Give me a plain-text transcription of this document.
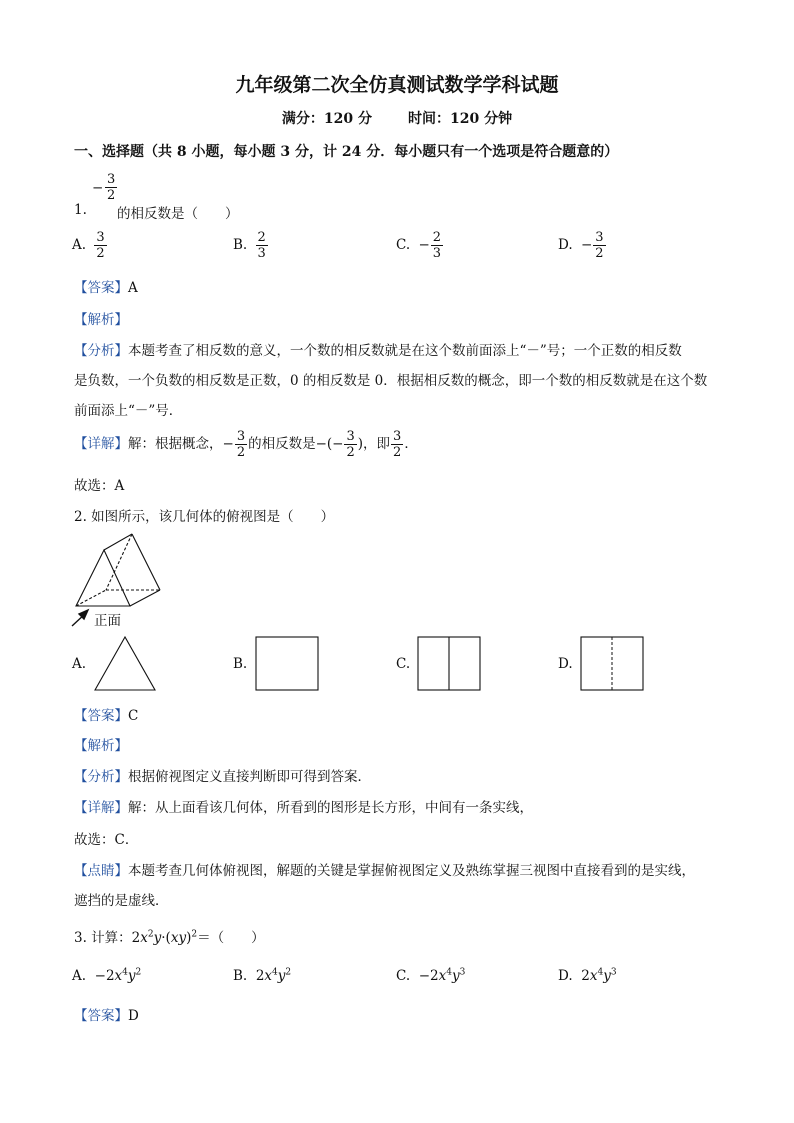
九年级第二次全仿真测试数学学科试题
满分：120 分	时间：120 分钟
一、选择题（共 8 小题，每小题 3 分，计 24 分．每小题只有一个选项是符合题意的）
$\frac{3}{2}$
−
1. 的相反数是（　　）
A. $\frac{3}{2}$	B. $\frac{2}{3}$	C. − $\frac{2}{3}$	D. − $\frac{3}{2}$
【答案】A
【解析】
【分析】本题考查了相反数的意义，一个数的相反数就是在这个数前面添上“－”号；一个正数的相反数
是负数，一个负数的相反数是正数，0 的相反数是 0．根据相反数的概念，即一个数的相反数就是在这个数
前面添上“－”号．
【详解】解：根据概念，− $\frac{3}{2}$ 的相反数是−(− $\frac{3}{2}$ )，即 $\frac{3}{2}$ ．
故选：A
2. 如图所示，该几何体的俯视图是（　　）
正面
A.	B.	C.	D.
【答案】C
【解析】
【分析】根据俯视图定义直接判断即可得到答案．
【详解】解：从上面看该几何体，所看到的图形是长方形，中间有一条实线，
故选：C．
【点睛】本题考查几何体俯视图，解题的关键是掌握俯视图定义及熟练掌握三视图中直接看到的是实线，
遮挡的是虚线．
3. 计算：$2x^2y\cdot(xy)^2=$（　　）
A. $-2x^4y^2$	B. $2x^4y^2$	C. $-2x^4y^3$	D. $2x^4y^3$
【答案】D
